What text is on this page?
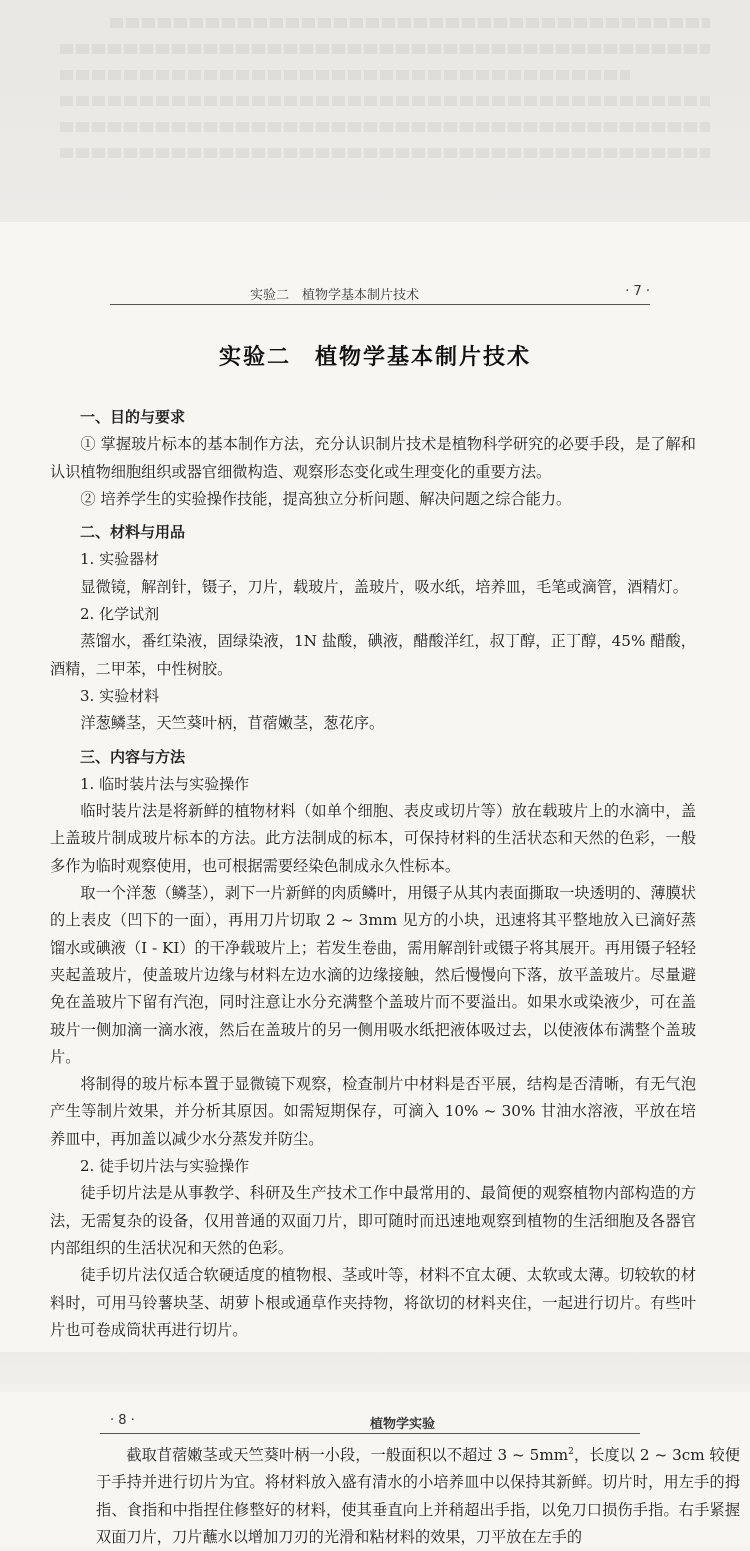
实验二　植物学基本制片技术	· 7 ·
实验二　植物学基本制片技术
一、目的与要求

① 掌握玻片标本的基本制作方法，充分认识制片技术是植物科学研究的必要手段，是了解和认识植物细胞组织或器官细微构造、观察形态变化或生理变化的重要方法。

② 培养学生的实验操作技能，提高独立分析问题、解决问题之综合能力。

二、材料与用品
1. 实验器材

显微镜，解剖针，镊子，刀片，载玻片，盖玻片，吸水纸，培养皿，毛笔或滴管，酒精灯。

2. 化学试剂

蒸馏水，番红染液，固绿染液，1N 盐酸，碘液，醋酸洋红，叔丁醇，正丁醇，45% 醋酸，酒精，二甲苯，中性树胶。

3. 实验材料

洋葱鳞茎，天竺葵叶柄，苜蓿嫩茎，葱花序。

三、内容与方法
1. 临时装片法与实验操作

临时装片法是将新鲜的植物材料（如单个细胞、表皮或切片等）放在载玻片上的水滴中，盖上盖玻片制成玻片标本的方法。此方法制成的标本，可保持材料的生活状态和天然的色彩，一般多作为临时观察使用，也可根据需要经染色制成永久性标本。

取一个洋葱（鳞茎），剥下一片新鲜的肉质鳞叶，用镊子从其内表面撕取一块透明的、薄膜状的上表皮（凹下的一面），再用刀片切取 2 ~ 3mm 见方的小块，迅速将其平整地放入已滴好蒸馏水或碘液（I - KI）的干净载玻片上；若发生卷曲，需用解剖针或镊子将其展开。再用镊子轻轻夹起盖玻片，使盖玻片边缘与材料左边水滴的边缘接触，然后慢慢向下落，放平盖玻片。尽量避免在盖玻片下留有汽泡，同时注意让水分充满整个盖玻片而不要溢出。如果水或染液少，可在盖玻片一侧加滴一滴水液，然后在盖玻片的另一侧用吸水纸把液体吸过去，以使液体布满整个盖玻片。

将制得的玻片标本置于显微镜下观察，检查制片中材料是否平展，结构是否清晰，有无气泡产生等制片效果，并分析其原因。如需短期保存，可滴入 10% ~ 30% 甘油水溶液，平放在培养皿中，再加盖以减少水分蒸发并防尘。

2. 徒手切片法与实验操作

徒手切片法是从事教学、科研及生产技术工作中最常用的、最简便的观察植物内部构造的方法，无需复杂的设备，仅用普通的双面刀片，即可随时而迅速地观察到植物的生活细胞及各器官内部组织的生活状况和天然的色彩。

徒手切片法仅适合软硬适度的植物根、茎或叶等，材料不宜太硬、太软或太薄。切较软的材料时，可用马铃薯块茎、胡萝卜根或通草作夹持物，将欲切的材料夹住，一起进行切片。有些叶片也可卷成筒状再进行切片。

· 8 ·	植物学实验

截取苜蓿嫩茎或天竺葵叶柄一小段，一般面积以不超过 3 ~ $5mm^2$，长度以 2 ~ 3cm 较便于手持并进行切片为宜。将材料放入盛有清水的小培养皿中以保持其新鲜。切片时，用左手的拇指、食指和中指捏住修整好的材料，使其垂直向上并稍超出手指，以免刀口损伤手指。右手紧握双面刀片，刀片蘸水以增加刀刃的光滑和粘材料的效果，刀平放在左手的
